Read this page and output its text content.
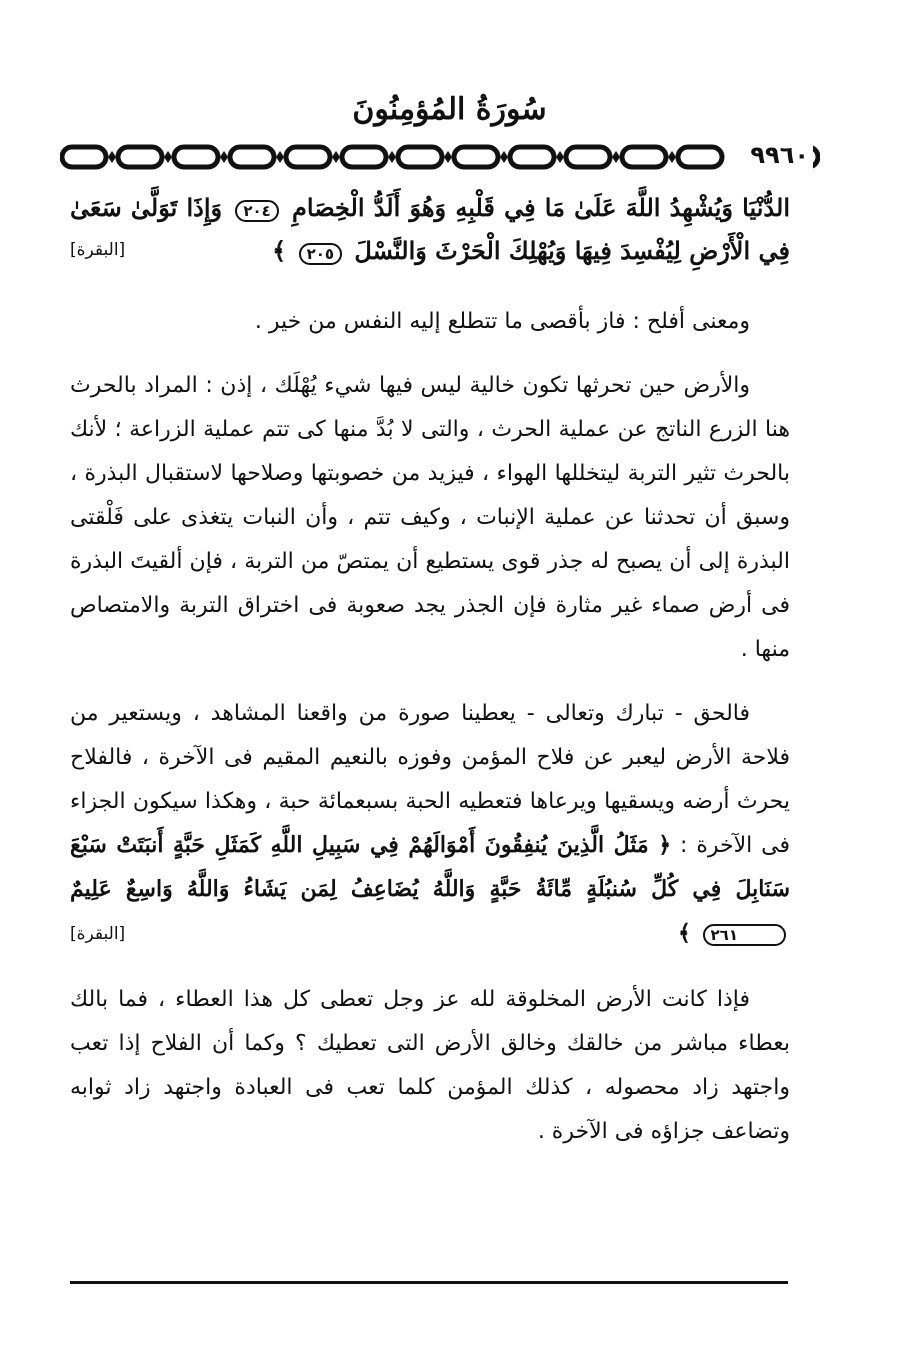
سُورَةُ المُؤمِنُونَ
٩٩٦٠
الدُّنْيَا وَيُشْهِدُ اللَّهَ عَلَىٰ مَا فِي قَلْبِهِ وَهُوَ أَلَدُّ الْخِصَامِ ٢٠٤ وَإِذَا تَوَلَّىٰ سَعَىٰ فِي الْأَرْضِ لِيُفْسِدَ فِيهَا وَيُهْلِكَ الْحَرْثَ وَالنَّسْلَ ٢٠٥ ﴾
[البقرة]

ومعنى أفلح : فاز بأقصى ما تتطلع إليه النفس من خير .

والأرض حين تحرثها تكون خالية ليس فيها شيء يُهْلَك ، إذن : المراد بالحرث هنا الزرع الناتج عن عملية الحرث ، والتى لا بُدَّ منها كى تتم عملية الزراعة ؛ لأنك بالحرث تثير التربة ليتخللها الهواء ، فيزيد من خصوبتها وصلاحها لاستقبال البذرة ، وسبق أن تحدثنا عن عملية الإنبات ، وكيف تتم ، وأن النبات يتغذى على فَلْقتى البذرة إلى أن يصبح له جذر قوى يستطيع أن يمتصّ من التربة ، فإن ألقيتَ البذرة فى أرض صماء غير مثارة فإن الجذر يجد صعوبة فى اختراق التربة والامتصاص منها .

فالحق - تبارك وتعالى - يعطينا صورة من واقعنا المشاهد ، ويستعير من فلاحة الأرض ليعبر عن فلاح المؤمن وفوزه بالنعيم المقيم فى الآخرة ، فالفلاح يحرث أرضه ويسقيها ويرعاها فتعطيه الحبة بسبعمائة حبة ، وهكذا سيكون الجزاء فى الآخرة : ﴿ مَثَلُ الَّذِينَ يُنفِقُونَ أَمْوَالَهُمْ فِي سَبِيلِ اللَّهِ كَمَثَلِ حَبَّةٍ أَنبَتَتْ سَبْعَ سَنَابِلَ فِي كُلِّ سُنبُلَةٍ مِّائَةُ حَبَّةٍ وَاللَّهُ يُضَاعِفُ لِمَن يَشَاءُ وَاللَّهُ وَاسِعٌ عَلِيمٌ ٢٦١ ﴾
[البقرة]

فإذا كانت الأرض المخلوقة لله عز وجل تعطى كل هذا العطاء ، فما بالك بعطاء مباشر من خالقك وخالق الأرض التى تعطيك ؟ وكما أن الفلاح إذا تعب واجتهد زاد محصوله ، كذلك المؤمن كلما تعب فى العبادة واجتهد زاد ثوابه وتضاعف جزاؤه فى الآخرة .
